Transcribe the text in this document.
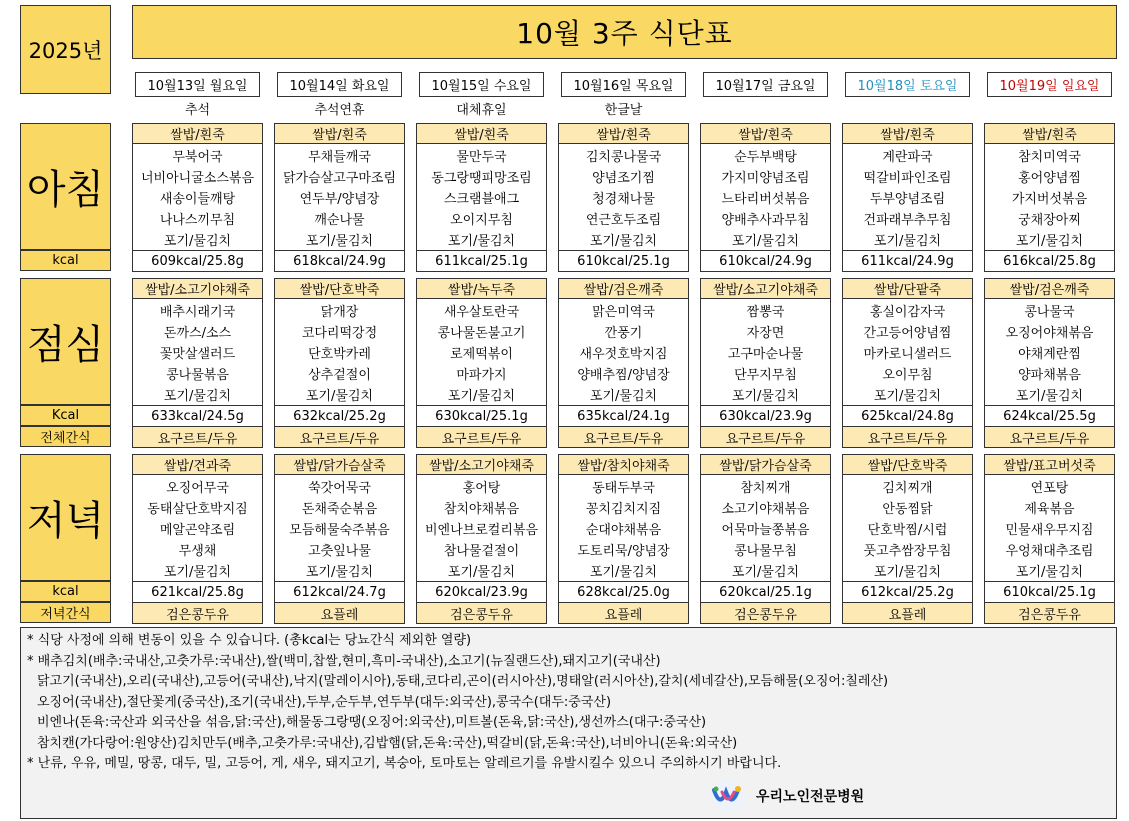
2025년
10월 3주 식단표
10월13일 월요일
추석
10월14일 화요일
추석연휴
10월15일 수요일
대체휴일
10월16일 목요일
한글날
10월17일 금요일	10월18일 토요일	10월19일 일요일
아침
kcal
점심
Kcal
전체간식
저녁
kcal
저녁간식
쌀밥/흰죽
무북어국
너비아니굴소스볶음
새송이들깨탕
나나스끼무침
포기/물김치
609kcal/25.8g
쌀밥/흰죽
무채들깨국
닭가슴살고구마조림
연두부/양념장
깨순나물
포기/물김치
618kcal/24.9g
쌀밥/흰죽
물만두국
동그랑땡피망조림
스크램블애그
오이지무침
포기/물김치
611kcal/25.1g
쌀밥/흰죽
김치콩나물국
양념조기찜
청경채나물
연근호두조림
포기/물김치
610kcal/25.1g
쌀밥/흰죽
순두부백탕
가지미양념조림
느타리버섯볶음
양배추사과무침
포기/물김치
610kcal/24.9g
쌀밥/흰죽
계란파국
떡갈비파인조림
두부양념조림
건파래부추무침
포기/물김치
611kcal/24.9g
쌀밥/흰죽
참치미역국
홍어양념찜
가지버섯볶음
궁채장아찌
포기/물김치
616kcal/25.8g
쌀밥/소고기야채죽
배추시래기국
돈까스/소스
꽃맛살샐러드
콩나물볶음
포기/물김치
633kcal/24.5g
요구르트/두유
쌀밥/단호박죽
닭개장
코다리떡강정
단호박카레
상추겉절이
포기/물김치
632kcal/25.2g
요구르트/두유
쌀밥/녹두죽
새우살토란국
콩나물돈불고기
로제떡볶이
마파가지
포기/물김치
630kcal/25.1g
요구르트/두유
쌀밥/검은깨죽
맑은미역국
깐풍기
새우젓호박지짐
양배추찜/양념장
포기/물김치
635kcal/24.1g
요구르트/두유
쌀밥/소고기야채죽
짬뽕국
자장면
고구마순나물
단무지무침
포기/물김치
630kcal/23.9g
요구르트/두유
쌀밥/단팥죽
홍실이감자국
간고등어양념찜
마카로니샐러드
오이무침
포기/물김치
625kcal/24.8g
요구르트/두유
쌀밥/검은깨죽
콩나물국
오징어야채볶음
야채계란찜
양파채볶음
포기/물김치
624kcal/25.5g
요구르트/두유
쌀밥/견과죽
오징어무국
동태살단호박지짐
메알곤약조림
무생채
포기/물김치
621kcal/25.8g
검은콩두유
쌀밥/닭가슴살죽
쑥갓어묵국
돈채죽순볶음
모듬해물숙주볶음
고춧잎나물
포기/물김치
612kcal/24.7g
요플레
쌀밥/소고기야채죽
홍어탕
참치야채볶음
비엔나브로컬리볶음
참나물겉절이
포기/물김치
620kcal/23.9g
검은콩두유
쌀밥/참치야채죽
동태두부국
꽁치김치지짐
순대야채볶음
도토리묵/양념장
포기/물김치
628kcal/25.0g
요플레
쌀밥/닭가슴살죽
참치찌개
소고기야채볶음
어묵마늘쫑볶음
콩나물무침
포기/물김치
620kcal/25.1g
검은콩두유
쌀밥/단호박죽
김치찌개
안동찜닭
단호박찜/시럽
풋고추쌈장무침
포기/물김치
612kcal/25.2g
요플레
쌀밥/표고버섯죽
연포탕
제육볶음
민물새우무지짐
우엉채대추조림
포기/물김치
610kcal/25.1g
검은콩두유
* 식당 사정에 의해 변동이 있을 수 있습니다. (총kcal는 당뇨간식 제외한 열량)
* 배추김치(배추:국내산,고춧가루:국내산),쌀(백미,찹쌀,현미,흑미-국내산),소고기(뉴질랜드산),돼지고기(국내산)
닭고기(국내산),오리(국내산),고등어(국내산),낙지(말레이시아),동태,코다리,곤이(러시아산),명태알(러시아산),갈치(세네갈산),모듬해물(오징어:칠레산)
오징어(국내산),절단꽃게(중국산),조기(국내산),두부,순두부,연두부(대두:외국산),콩국수(대두:중국산)
비엔나(돈육:국산과 외국산을 섞음,닭:국산),해물동그랑땡(오징어:외국산),미트볼(돈육,닭:국산),생선까스(대구:중국산)
참치캔(가다랑어:원양산)김치만두(배추,고춧가루:국내산),김밥햄(닭,돈육:국산),떡갈비(닭,돈육:국산),너비아니(돈육:외국산)
* 난류, 우유, 메밀, 땅콩, 대두, 밀, 고등어, 게, 새우, 돼지고기, 복숭아, 토마토는 알레르기를 유발시킬수 있으니 주의하시기 바랍니다.
우리노인전문병원
